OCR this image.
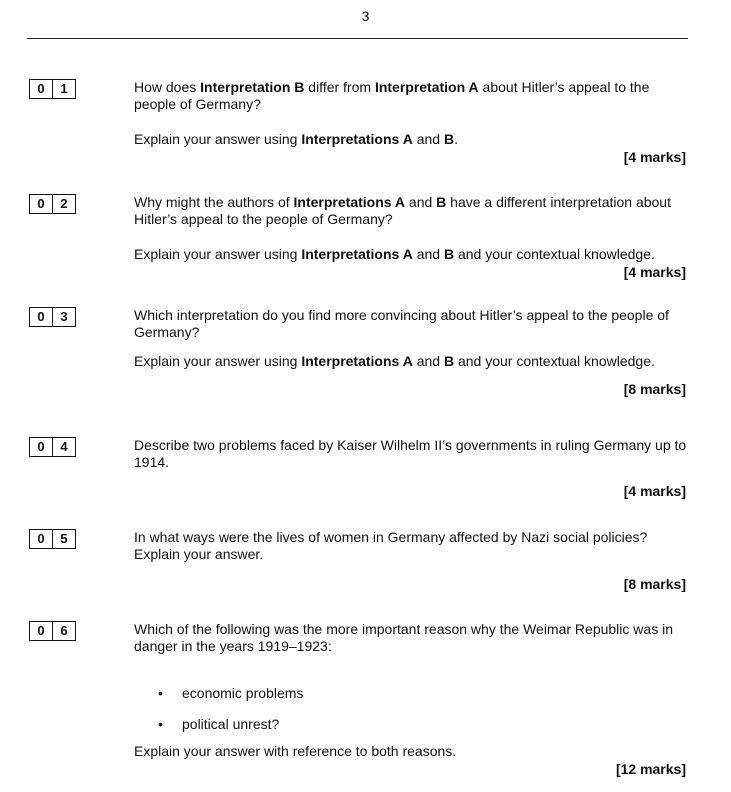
3
0	1	How does Interpretation B differ from Interpretation A about Hitler’s appeal to the people of Germany?

Explain your answer using Interpretations A and B.

[4 marks]
0	2	Why might the authors of Interpretations A and B have a different interpretation about Hitler’s appeal to the people of Germany?

Explain your answer using Interpretations A and B and your contextual knowledge.

[4 marks]
0	3	Which interpretation do you find more convincing about Hitler’s appeal to the people of Germany?

Explain your answer using Interpretations A and B and your contextual knowledge.

[8 marks]
0	4	Describe two problems faced by Kaiser Wilhelm II’s governments in ruling Germany up to 1914.

[4 marks]
0	5	In what ways were the lives of women in Germany affected by Nazi social policies? Explain your answer.

[8 marks]
0	6	Which of the following was the more important reason why the Weimar Republic was in danger in the years 1919–1923:

• economic problems
• political unrest?

Explain your answer with reference to both reasons.

[12 marks]
